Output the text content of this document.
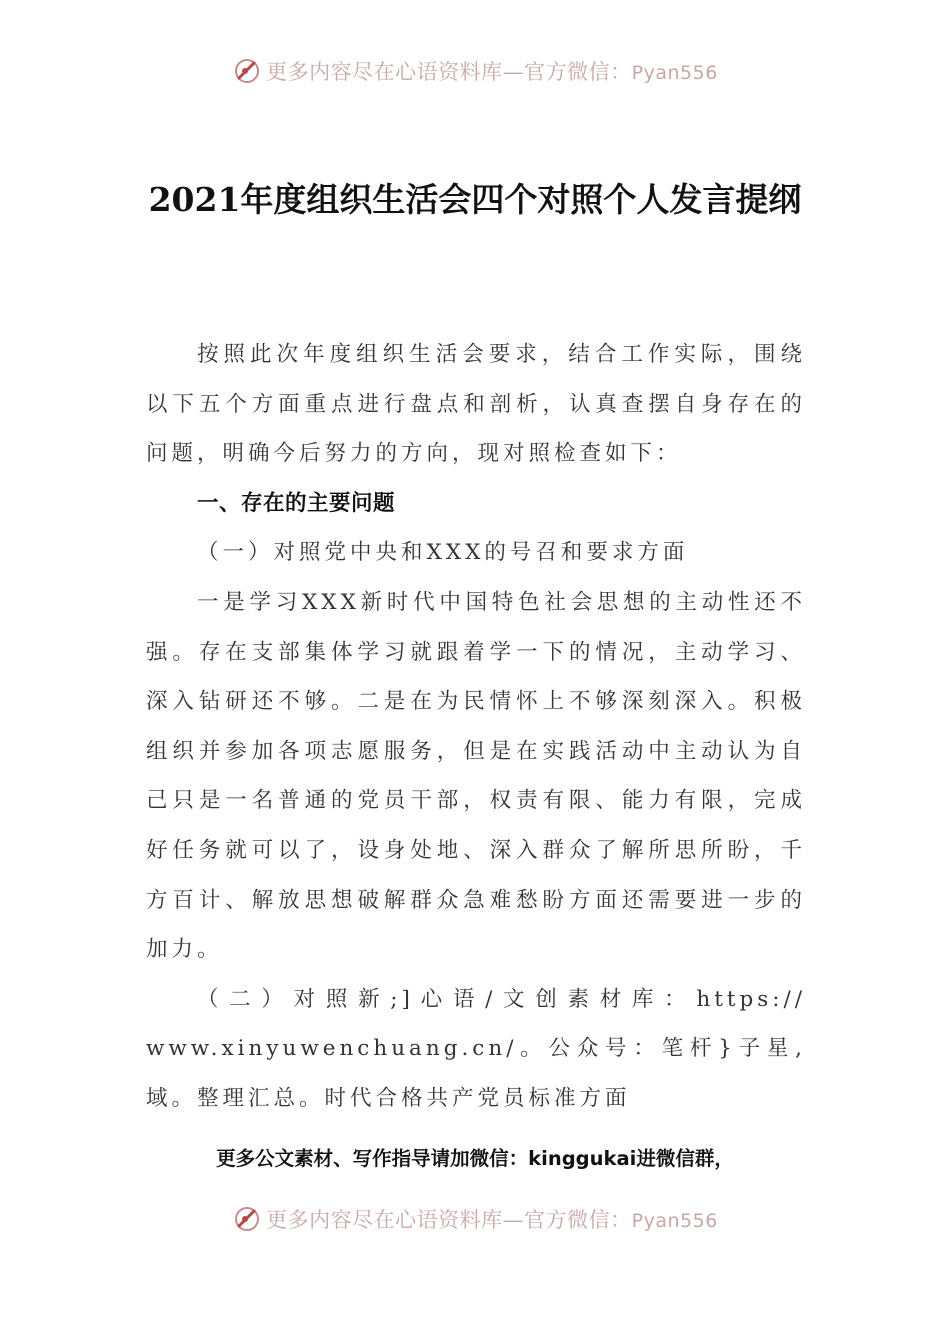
更多内容尽在心语资料库—官方微信：Pyan556
2021年度组织生活会四个对照个人发言提纲

按照此次年度组织生活会要求，结合工作实际，围绕以下五个方面重点进行盘点和剖析，认真查摆自身存在的问题，明确今后努力的方向，现对照检查如下：

一、存在的主要问题

（一）对照党中央和XXX的号召和要求方面

一是学习XXX新时代中国特色社会思想的主动性还不强。存在支部集体学习就跟着学一下的情况，主动学习、深入钻研还不够。二是在为民情怀上不够深刻深入。积极组织并参加各项志愿服务，但是在实践活动中主动认为自己只是一名普通的党员干部，权责有限、能力有限，完成好任务就可以了，设身处地、深入群众了解所思所盼，千方百计、解放思想破解群众急难愁盼方面还需要进一步的加力。

（二）对照新;]心语/文创素材库：https://

www.xinyuwenchuang.cn/。公众号：笔杆}子星,域。整理汇总。时代合格共产党员标准方面

更多公文素材、写作指导请加微信：kinggukai进微信群，
更多内容尽在心语资料库—官方微信：Pyan556
